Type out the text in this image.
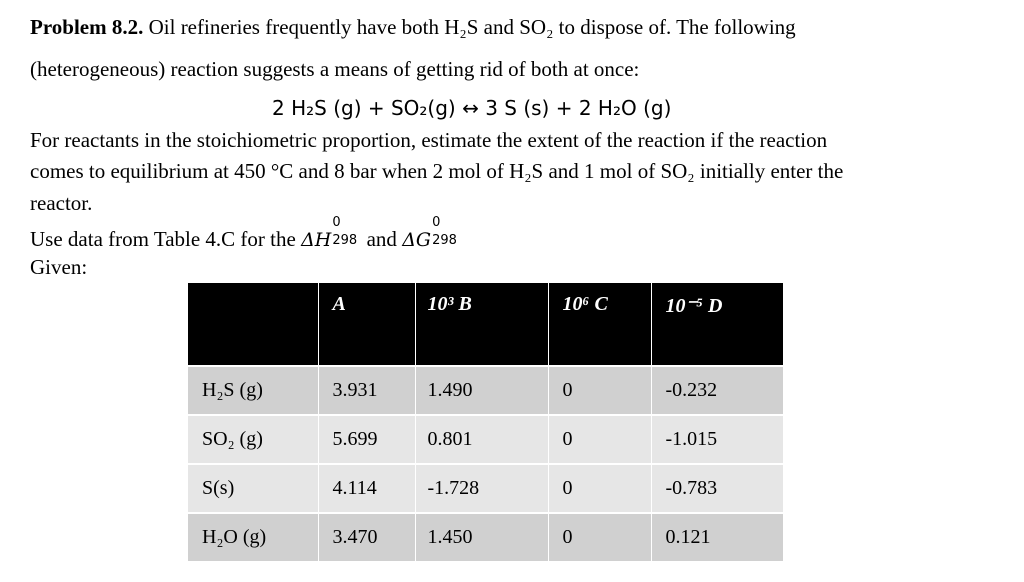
Problem 8.2. Oil refineries frequently have both H₂S and SO₂ to dispose of. The following
(heterogeneous) reaction suggests a means of getting rid of both at once:
2 H₂S (g) + SO₂(g) ↔ 3 S (s) + 2 H₂O (g)
For reactants in the stoichiometric proportion, estimate the extent of the reaction if the reaction
comes to equilibrium at 450 °C and 8 bar when 2 mol of H₂S and 1 mol of SO₂ initially enter the
reactor.
Use data from Table 4.C for the ΔH
0
298 and ΔG
0
298
Given:
	A	10³ B	10⁶ C	10⁻⁵ D
H₂S (g)	3.931	1.490	0	-0.232
SO₂ (g)	5.699	0.801	0	-1.015
S(s)	4.114	-1.728	0	-0.783
H₂O (g)	3.470	1.450	0	0.121
